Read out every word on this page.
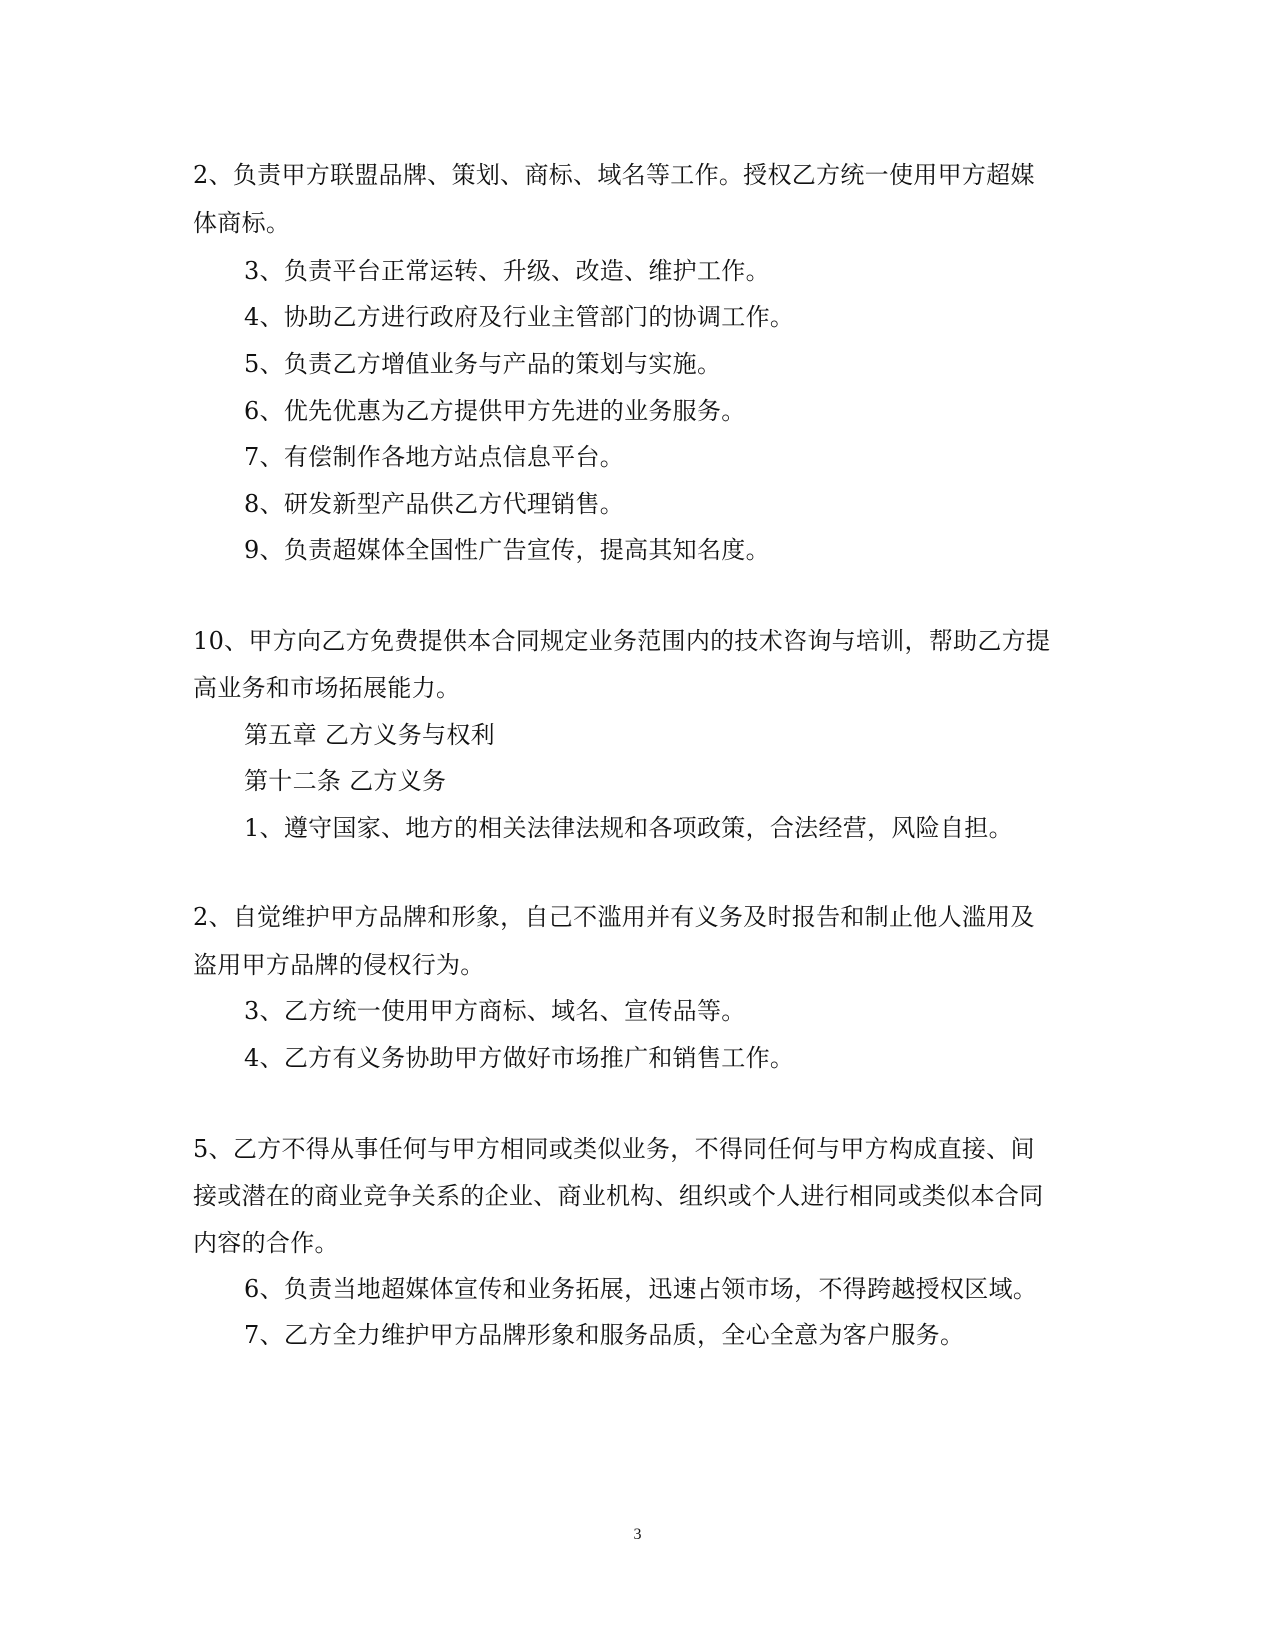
2、负责甲方联盟品牌、策划、商标、域名等工作。授权乙方统一使用甲方超媒
体商标。
3、负责平台正常运转、升级、改造、维护工作。
4、协助乙方进行政府及行业主管部门的协调工作。
5、负责乙方增值业务与产品的策划与实施。
6、优先优惠为乙方提供甲方先进的业务服务。
7、有偿制作各地方站点信息平台。
8、研发新型产品供乙方代理销售。
9、负责超媒体全国性广告宣传，提高其知名度。
10、甲方向乙方免费提供本合同规定业务范围内的技术咨询与培训，帮助乙方提
高业务和市场拓展能力。
第五章 乙方义务与权利
第十二条 乙方义务
1、遵守国家、地方的相关法律法规和各项政策，合法经营，风险自担。
2、自觉维护甲方品牌和形象，自己不滥用并有义务及时报告和制止他人滥用及
盗用甲方品牌的侵权行为。
3、乙方统一使用甲方商标、域名、宣传品等。
4、乙方有义务协助甲方做好市场推广和销售工作。
5、乙方不得从事任何与甲方相同或类似业务，不得同任何与甲方构成直接、间
接或潜在的商业竞争关系的企业、商业机构、组织或个人进行相同或类似本合同
内容的合作。
6、负责当地超媒体宣传和业务拓展，迅速占领市场，不得跨越授权区域。
7、乙方全力维护甲方品牌形象和服务品质，全心全意为客户服务。
3
